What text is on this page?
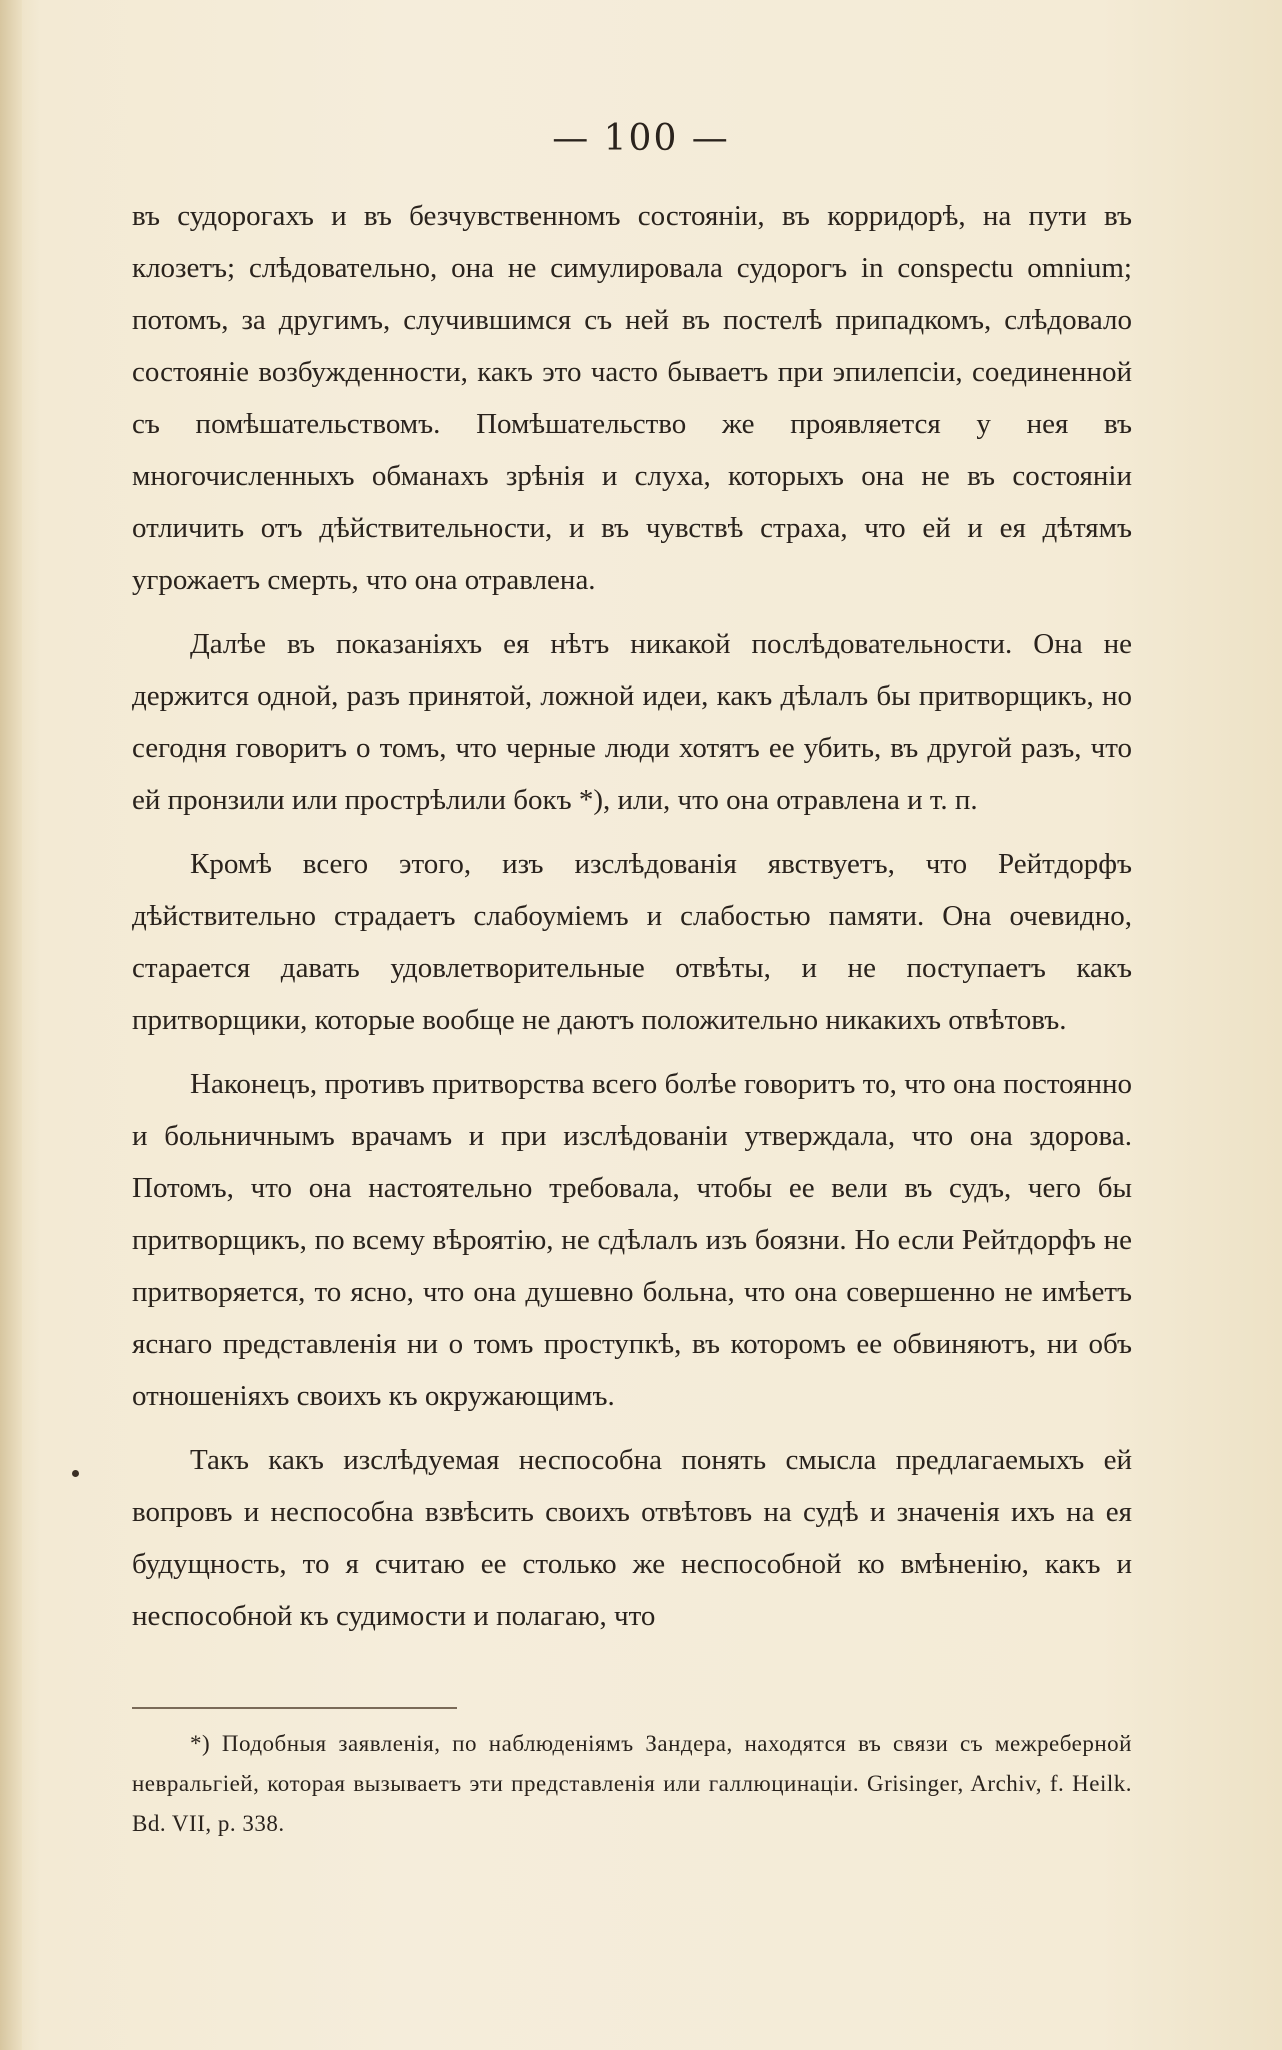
— 100 —

въ судорогахъ и въ безчувственномъ состояніи, въ корридорѣ, на пути въ клозетъ; слѣдовательно, она не симулировала судорогъ in conspectu omnium; потомъ, за другимъ, случившимся съ ней въ постелѣ припадкомъ, слѣдовало состояніе возбужденности, какъ это часто бываетъ при эпилепсіи, соединенной съ помѣшательствомъ. Помѣшательство же проявляется у нея въ многочисленныхъ обманахъ зрѣнія и слуха, которыхъ она не въ состояніи отличить отъ дѣйствительности, и въ чувствѣ страха, что ей и ея дѣтямъ угрожаетъ смерть, что она отравлена.

Далѣе въ показаніяхъ ея нѣтъ никакой послѣдовательности. Она не держится одной, разъ принятой, ложной идеи, какъ дѣлалъ бы притворщикъ, но сегодня говоритъ о томъ, что черные люди хотятъ ее убить, въ другой разъ, что ей пронзили или прострѣлили бокъ *), или, что она отравлена и т. п.

Кромѣ всего этого, изъ изслѣдованія явствуетъ, что Рейтдорфъ дѣйствительно страдаетъ слабоуміемъ и слабостью памяти. Она очевидно, старается давать удовлетворительные отвѣты, и не поступаетъ какъ притворщики, которые вообще не даютъ положительно никакихъ отвѣтовъ.

Наконецъ, противъ притворства всего болѣе говоритъ то, что она постоянно и больничнымъ врачамъ и при изслѣдованіи утверждала, что она здорова. Потомъ, что она настоятельно требовала, чтобы ее вели въ судъ, чего бы притворщикъ, по всему вѣроятію, не сдѣлалъ изъ боязни. Но если Рейтдорфъ не притворяется, то ясно, что она душевно больна, что она совершенно не имѣетъ яснаго представленія ни о томъ проступкѣ, въ которомъ ее обвиняютъ, ни объ отношеніяхъ своихъ къ окружающимъ.

Такъ какъ изслѣдуемая неспособна понять смысла предлагаемыхъ ей вопровъ и неспособна взвѣсить своихъ отвѣтовъ на судѣ и значенія ихъ на ея будущность, то я считаю ее столько же неспособной ко вмѣненію, какъ и неспособной къ судимости и полагаю, что

*) Подобныя заявленія, по наблюденіямъ Зандера, находятся въ связи съ межреберной невральгіей, которая вызываетъ эти представленія или галлюцинаціи. Grisinger, Archiv, f. Heilk. Bd. VII, p. 338.
